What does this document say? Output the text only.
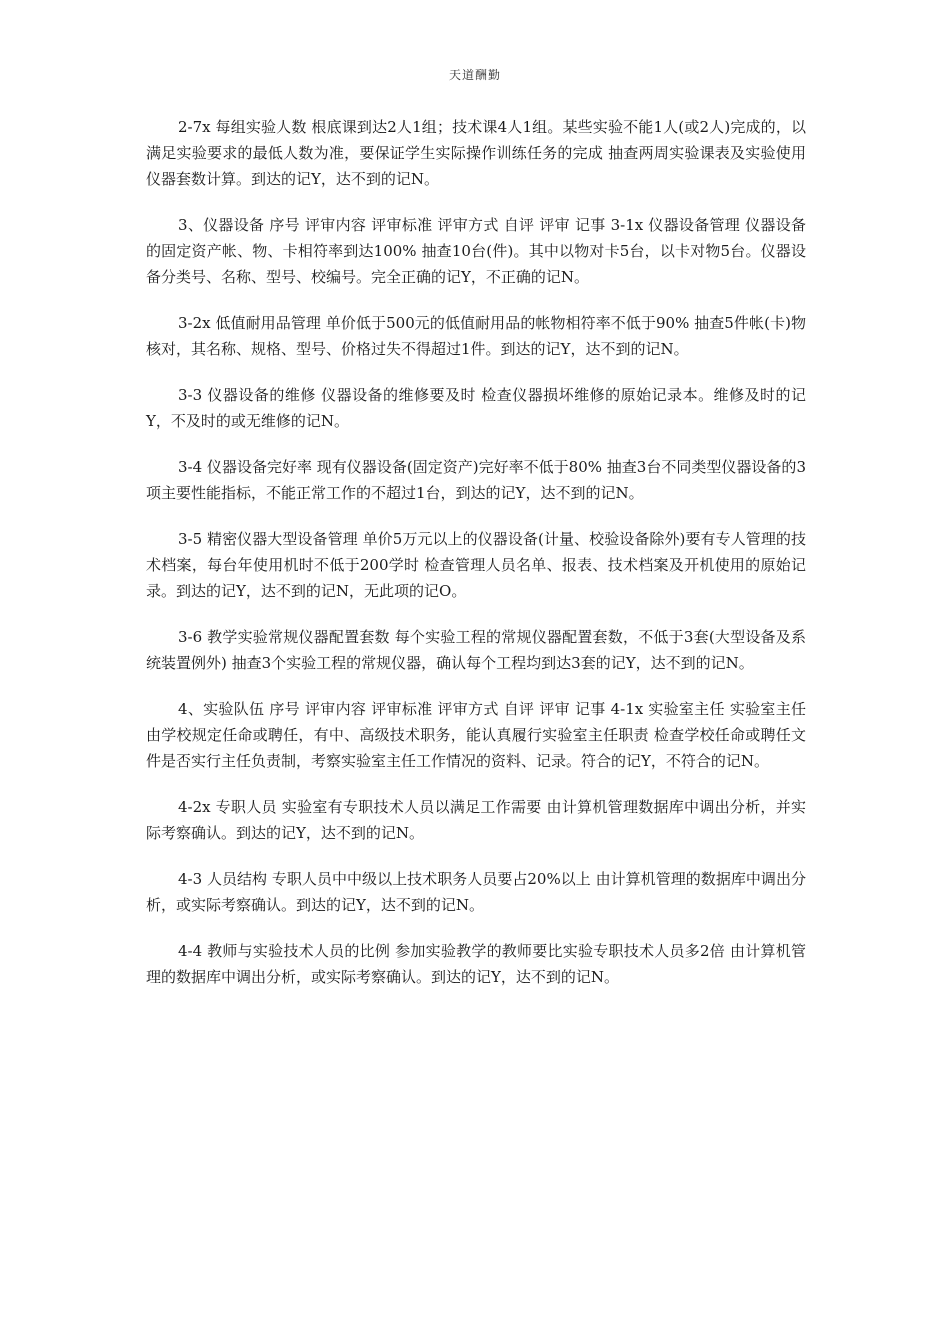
天道酬勤

2-7x 每组实验人数 根底课到达2人1组；技术课4人1组。某些实验不能1人(或2人)完成的，以满足实验要求的最低人数为准，要保证学生实际操作训练任务的完成 抽查两周实验课表及实验使用仪器套数计算。到达的记Y，达不到的记N。

3、仪器设备 序号 评审内容 评审标准 评审方式 自评 评审 记事 3-1x 仪器设备管理 仪器设备的固定资产帐、物、卡相符率到达100% 抽查10台(件)。其中以物对卡5台，以卡对物5台。仪器设备分类号、名称、型号、校编号。完全正确的记Y，不正确的记N。

3-2x 低值耐用品管理 单价低于500元的低值耐用品的帐物相符率不低于90% 抽查5件帐(卡)物核对，其名称、规格、型号、价格过失不得超过1件。到达的记Y，达不到的记N。

3-3 仪器设备的维修 仪器设备的维修要及时 检查仪器损坏维修的原始记录本。维修及时的记Y，不及时的或无维修的记N。

3-4 仪器设备完好率 现有仪器设备(固定资产)完好率不低于80% 抽查3台不同类型仪器设备的3项主要性能指标，不能正常工作的不超过1台，到达的记Y，达不到的记N。

3-5 精密仪器大型设备管理 单价5万元以上的仪器设备(计量、校验设备除外)要有专人管理的技术档案，每台年使用机时不低于200学时 检查管理人员名单、报表、技术档案及开机使用的原始记录。到达的记Y，达不到的记N，无此项的记O。

3-6 教学实验常规仪器配置套数 每个实验工程的常规仪器配置套数，不低于3套(大型设备及系统装置例外) 抽查3个实验工程的常规仪器，确认每个工程均到达3套的记Y，达不到的记N。

4、实验队伍 序号 评审内容 评审标准 评审方式 自评 评审 记事 4-1x 实验室主任 实验室主任由学校规定任命或聘任，有中、高级技术职务，能认真履行实验室主任职责 检查学校任命或聘任文件是否实行主任负责制，考察实验室主任工作情况的资料、记录。符合的记Y，不符合的记N。

4-2x 专职人员 实验室有专职技术人员以满足工作需要 由计算机管理数据库中调出分析，并实际考察确认。到达的记Y，达不到的记N。

4-3 人员结构 专职人员中中级以上技术职务人员要占20%以上 由计算机管理的数据库中调出分析，或实际考察确认。到达的记Y，达不到的记N。

4-4 教师与实验技术人员的比例 参加实验教学的教师要比实验专职技术人员多2倍 由计算机管理的数据库中调出分析，或实际考察确认。到达的记Y，达不到的记N。
